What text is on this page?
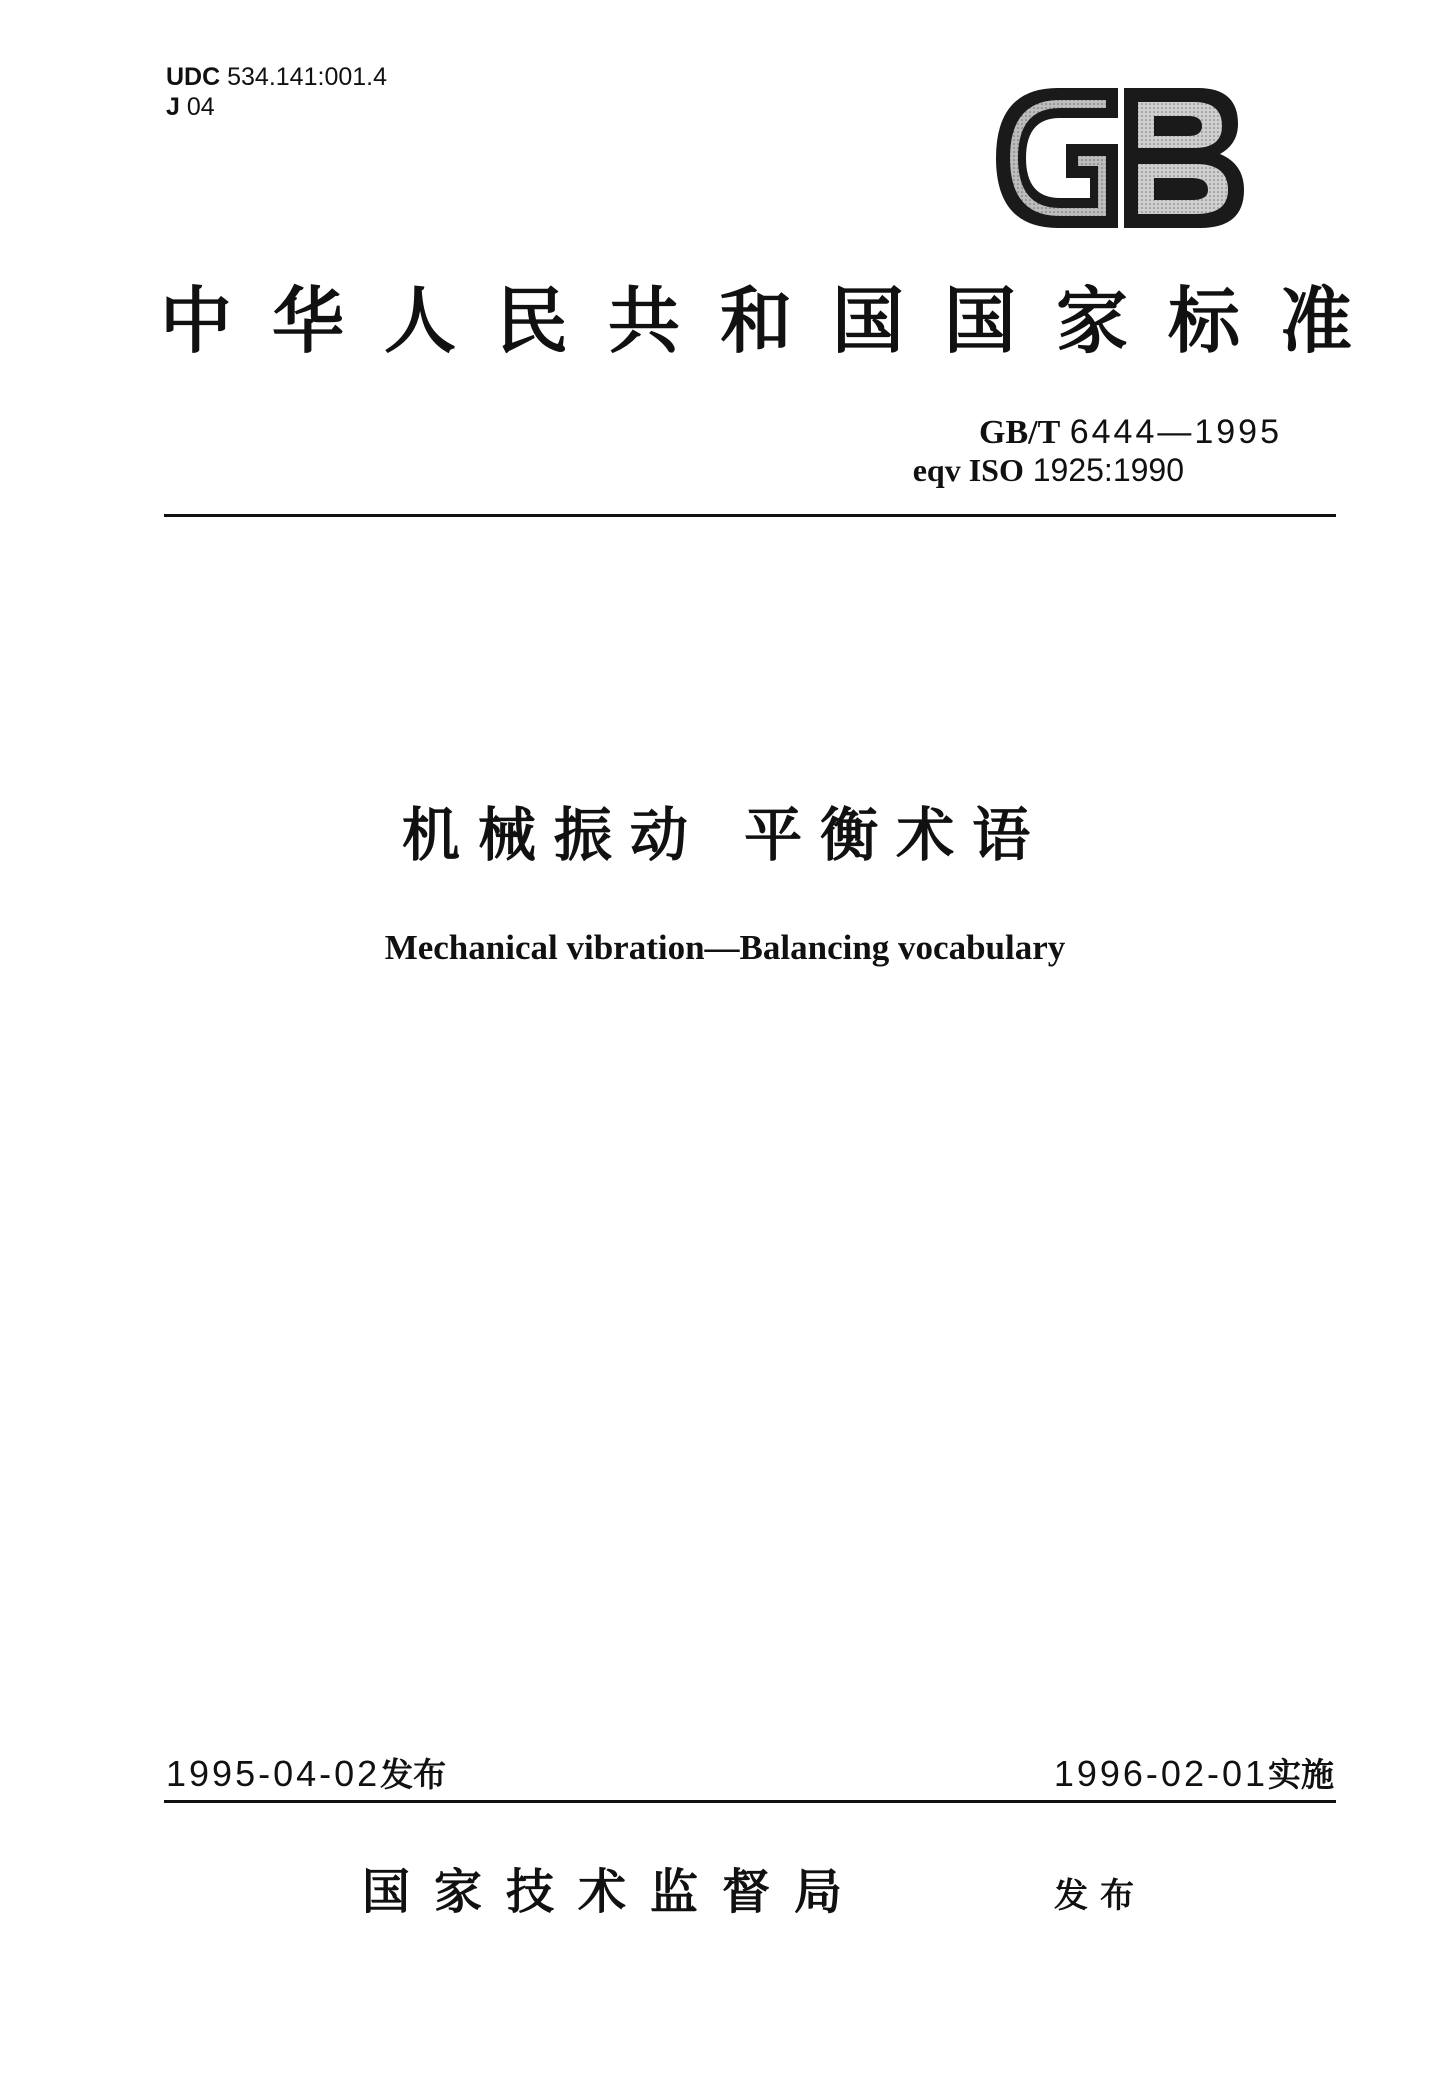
UDC 534.141:001.4
J 04
中华人民共和国国家标准
GB/T 6444—1995
eqv ISO 1925:1990
机械振动 平衡术语
Mechanical vibration—Balancing vocabulary
1995-04-02发布	1996-02-01实施
国家技术监督局	发布
